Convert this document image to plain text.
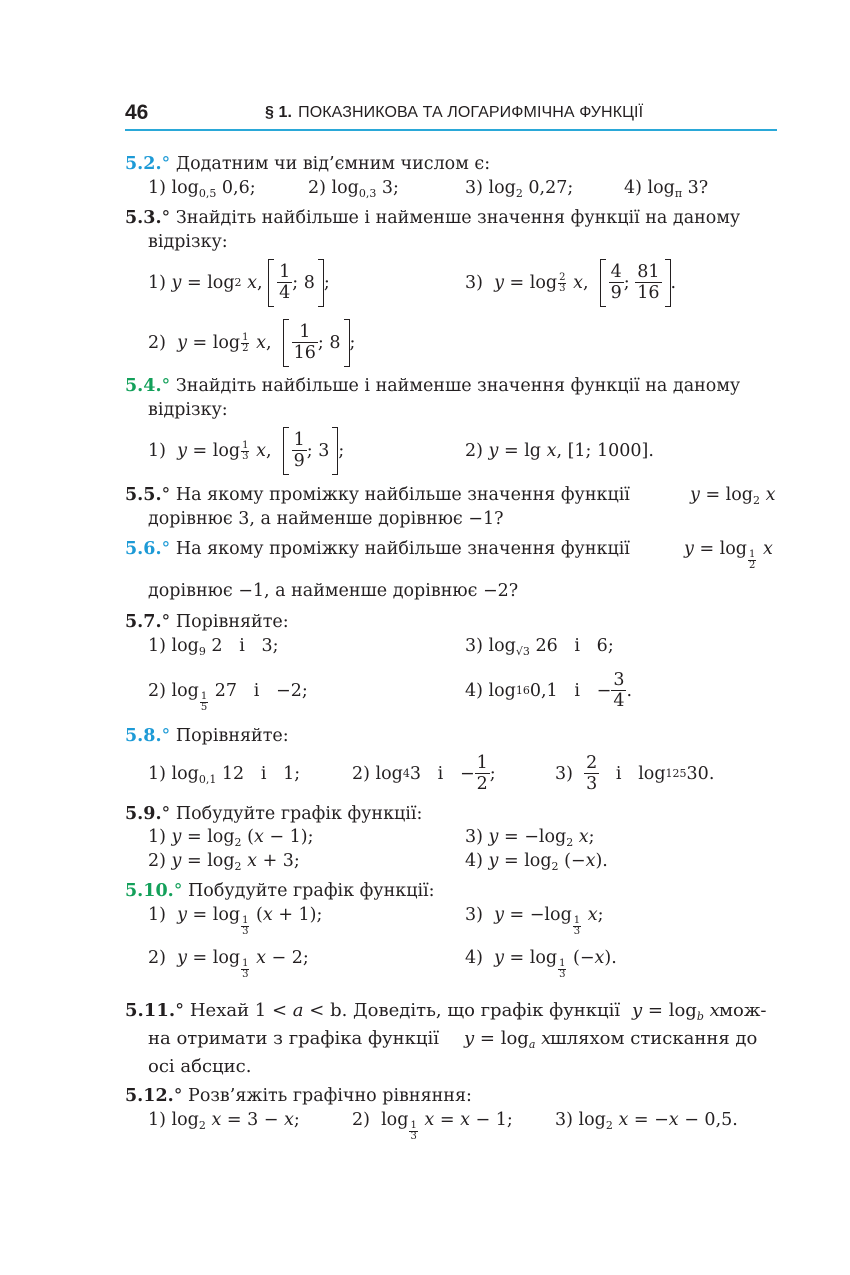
46	§ 1. ПОКАЗНИКОВА ТА ЛОГАРИФМІЧНА ФУНКЦІЇ
5.2.° Додатним чи від’ємним числом є:
1) $\log_{0,5} 0,6$;	2) $\log_{0,3} 3$;	3) $\log_2 0,27$;	4) $\log_\pi 3$?
5.3.° Знайдіть найбільше і найменше значення функції на даному
відрізку:
1) y = log 2
x ,
1
4 ; 8 ;	3) y = log 2
3
x ,
4
9 ;
81
16 .
2) y = log 1
2
x ,
1
16 ; 8 ;
5.4.° Знайдіть найбільше і найменше значення функції на даному
відрізку:
1) y = log 1
3
x ,
1
9 ; 3 ;	2) y = lg x, [1; 1000].
5.5.° На якому проміжку найбільше значення функції	$y = \log_2 x$
дорівнює 3, а найменше дорівнює −1?
5.6.° На якому проміжку найбільше значення функції	y = log
$\frac{1}{2}$
x
дорівнює −1, а найменше дорівнює −2?
5.7.° Порівняйте:
1) $\log_9 2$   і   3;	3) $\log_{√3} 26$   і   6;
2) log
$\frac{1}{5}$
27   і   −2;	4) log 16 0,1   і   −
3
4 .
5.8.° Порівняйте:
1) $\log_{0,1} 12$   і   1;	2) log 4 3   і   −
1
2 ;	3)
2
3 і   log 125 30.
5.9.° Побудуйте графік функції:
1) $y = \log_2 (x - 1)$;	3) $y = -\log_2$ x;
2) $y = \log_2 x + 3$;	4) $y = \log_2 (-x)$.
5.10.° Побудуйте графік функції:
1)  y = log
$\frac{1}{3}$
(x + 1);	3)  y = −log
$\frac{1}{3}$
x;
2)  y = log
$\frac{1}{3}$
x − 2;	4)  y = log
$\frac{1}{3}$
(−x).
5.11.° Нехай 1 < a < b. Доведіть, що графік функції $y = \log_b x$ мож-
на отримати з графіка функції $y = \log_a x$
шляхом стискання до
осі абсцис.
5.12.° Розв’яжіть графічно рівняння:
1) $\log_2 x = 3 - x$;	2)  log
$\frac{1}{3}$
x = x − 1; 3) $\log_2 x = -x - 0,5$.
